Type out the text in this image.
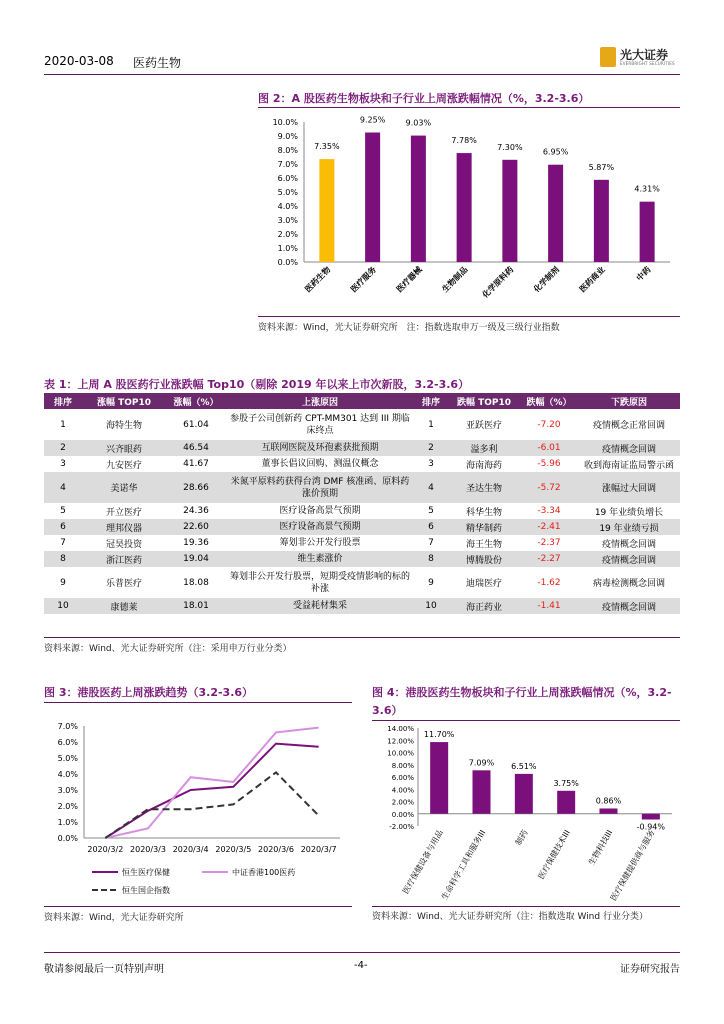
2020-03-08 医药生物
光大证券
EVERBRIGHT SECURITIES
图 2：A 股医药生物板块和子行业上周涨跌幅情况（%，3.2-3.6）
0.0%
1.0%
2.0%
3.0%
4.0%
5.0%
6.0%
7.0%
8.0%
9.0%
10.0%
7.35%
医药生物
9.25%
医疗服务
9.03%
医疗器械
7.78%
生物制品
7.30%
化学原料药
6.95%
化学制剂
5.87%
医药商业
4.31%
中药
资料来源：Wind，光大证券研究所　注：指数选取申万一级及三级行业指数
表 1：上周 A 股医药行业涨跌幅 Top10（剔除 2019 年以来上市次新股，3.2-3.6）
排序	涨幅 TOP10	涨幅（%）	上涨原因	排序	跌幅 TOP10	跌幅（%）	下跌原因
1	海特生物	61.04	参股子公司创新药 CPT-MM301 达到 III 期临床终点	1	亚跃医疗	-7.20	疫情概念正常回调
2	兴齐眼药	46.54	互联网医院及环孢素获批预期	2	溢多利	-6.01	疫情概念回调
3	九安医疗	41.67	董事长倡议回购、测温仪概念	3	海南海药	-5.96	收到海南证监局警示函
4	美诺华	28.66	米氮平原料药获得台湾 DMF 核准函、原料药涨价预期	4	圣达生物	-5.72	涨幅过大回调
5	开立医疗	24.36	医疗设备高景气预期	5	科华生物	-3.34	19 年业绩负增长
6	理邦仪器	22.60	医疗设备高景气预期	6	精华制药	-2.41	19 年业绩亏损
7	冠昊投资	19.36	筹划非公开发行股票	7	海王生物	-2.37	疫情概念回调
8	浙江医药	19.04	维生素涨价	8	博腾股份	-2.27	疫情概念回调
9	乐普医疗	18.08	筹划非公开发行股票，短期受疫情影响的标的补涨	9	迪瑞医疗	-1.62	病毒检测概念回调
10	康德莱	18.01	受益耗材集采	10	海正药业	-1.41	疫情概念回调
资料来源：Wind、光大证券研究所（注：采用申万行业分类）
图 3：港股医药上周涨跌趋势（3.2-3.6）
0.0%
1.0%
2.0%
3.0%
4.0%
5.0%
6.0%
7.0%
2020/3/2 2020/3/3 2020/3/4 2020/3/5 2020/3/6 2020/3/7
恒生医疗保健	中证香港100医药
恒生国企指数
资料来源：Wind，光大证券研究所
图 4：港股医药生物板块和子行业上周涨跌幅情况（%，3.2-3.6）
-2.00%
0.00%
2.00%
4.00%
6.00%
8.00%
10.00%
12.00%
14.00%
11.70%
医疗保健设备与用品
7.09%
生命科学工具和服务III
6.51%
制药
3.75%
医疗保健技术III
0.86%
生物科技III
-0.94%
医疗保健提供商与服务
资料来源：Wind、光大证券研究所（注：指数选取 Wind 行业分类）
敬请参阅最后一页特别声明	-4-	证券研究报告
